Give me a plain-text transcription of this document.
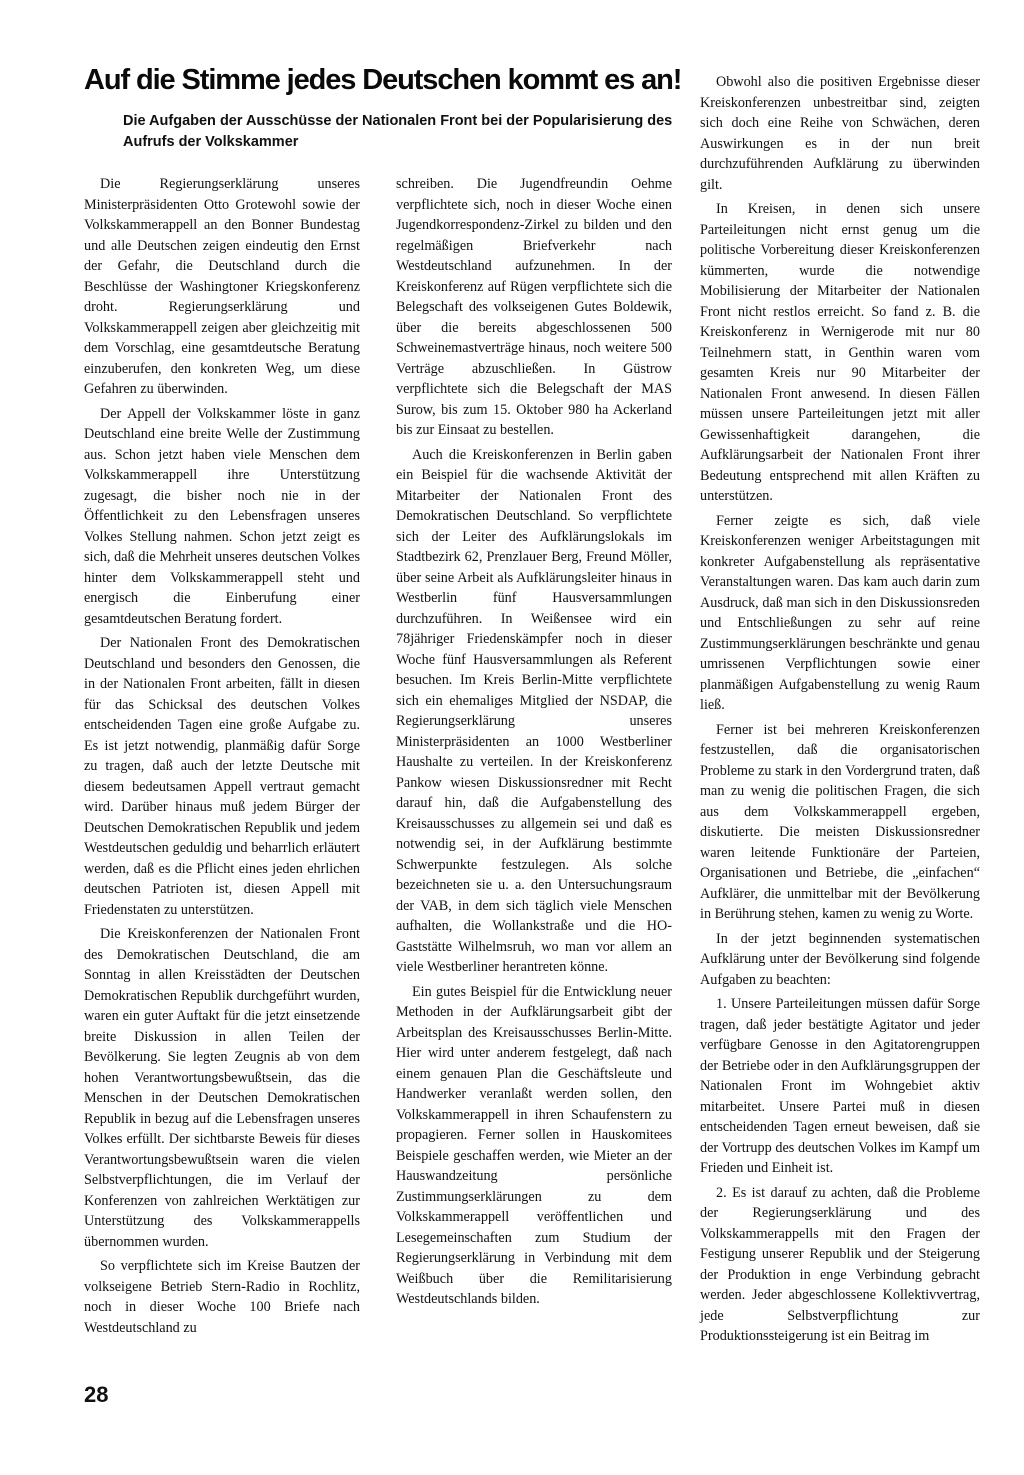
Auf die Stimme jedes Deutschen kommt es an!
Die Aufgaben der Ausschüsse der Nationalen Front bei der Popularisierung des Aufrufs der Volkskammer

Die Regierungserklärung unseres Ministerpräsidenten Otto Grotewohl sowie der Volkskammerappell an den Bonner Bundestag und alle Deutschen zeigen eindeutig den Ernst der Gefahr, die Deutschland durch die Beschlüsse der Washingtoner Kriegskonferenz droht. Regierungserklärung und Volkskammerappell zeigen aber gleichzeitig mit dem Vorschlag, eine gesamtdeutsche Beratung einzuberufen, den konkreten Weg, um diese Gefahren zu überwinden.

Der Appell der Volkskammer löste in ganz Deutschland eine breite Welle der Zustimmung aus. Schon jetzt haben viele Menschen dem Volkskammerappell ihre Unterstützung zugesagt, die bisher noch nie in der Öffentlichkeit zu den Lebensfragen unseres Volkes Stellung nahmen. Schon jetzt zeigt es sich, daß die Mehrheit unseres deutschen Volkes hinter dem Volkskammerappell steht und energisch die Einberufung einer gesamtdeutschen Beratung fordert.

Der Nationalen Front des Demokratischen Deutschland und besonders den Genossen, die in der Nationalen Front arbeiten, fällt in diesen für das Schicksal des deutschen Volkes entscheidenden Tagen eine große Aufgabe zu. Es ist jetzt notwendig, planmäßig dafür Sorge zu tragen, daß auch der letzte Deutsche mit diesem bedeutsamen Appell vertraut gemacht wird. Darüber hinaus muß jedem Bürger der Deutschen Demokratischen Republik und jedem Westdeutschen geduldig und beharrlich erläutert werden, daß es die Pflicht eines jeden ehrlichen deutschen Patrioten ist, diesen Appell mit Friedenstaten zu unterstützen.

Die Kreiskonferenzen der Nationalen Front des Demokratischen Deutschland, die am Sonntag in allen Kreisstädten der Deutschen Demokratischen Republik durchgeführt wurden, waren ein guter Auftakt für die jetzt einsetzende breite Diskussion in allen Teilen der Bevölkerung. Sie legten Zeugnis ab von dem hohen Verantwortungsbewußtsein, das die Menschen in der Deutschen Demokratischen Republik in bezug auf die Lebensfragen unseres Volkes erfüllt. Der sichtbarste Beweis für dieses Verantwortungsbewußtsein waren die vielen Selbstverpflichtungen, die im Verlauf der Konferenzen von zahlreichen Werktätigen zur Unterstützung des Volkskammerappells übernommen wurden.

So verpflichtete sich im Kreise Bautzen der volkseigene Betrieb Stern-Radio in Rochlitz, noch in dieser Woche 100 Briefe nach Westdeutschland zu

schreiben. Die Jugendfreundin Oehme verpflichtete sich, noch in dieser Woche einen Jugendkorrespondenz-Zirkel zu bilden und den regelmäßigen Briefverkehr nach Westdeutschland aufzunehmen. In der Kreiskonferenz auf Rügen verpflichtete sich die Belegschaft des volkseigenen Gutes Boldewik, über die bereits abgeschlossenen 500 Schweinemastverträge hinaus, noch weitere 500 Verträge abzuschließen. In Güstrow verpflichtete sich die Belegschaft der MAS Surow, bis zum 15. Oktober 980 ha Ackerland bis zur Einsaat zu bestellen.

Auch die Kreiskonferenzen in Berlin gaben ein Beispiel für die wachsende Aktivität der Mitarbeiter der Nationalen Front des Demokratischen Deutschland. So verpflichtete sich der Leiter des Aufklärungslokals im Stadtbezirk 62, Prenzlauer Berg, Freund Möller, über seine Arbeit als Aufklärungsleiter hinaus in Westberlin fünf Hausversammlungen durchzuführen. In Weißensee wird ein 78jähriger Friedenskämpfer noch in dieser Woche fünf Hausversammlungen als Referent besuchen. Im Kreis Berlin-Mitte verpflichtete sich ein ehemaliges Mitglied der NSDAP, die Regierungserklärung unseres Ministerpräsidenten an 1000 Westberliner Haushalte zu verteilen. In der Kreiskonferenz Pankow wiesen Diskussionsredner mit Recht darauf hin, daß die Aufgabenstellung des Kreisausschusses zu allgemein sei und daß es notwendig sei, in der Aufklärung bestimmte Schwerpunkte festzulegen. Als solche bezeichneten sie u. a. den Untersuchungsraum der VAB, in dem sich täglich viele Menschen aufhalten, die Wollankstraße und die HO-Gaststätte Wilhelmsruh, wo man vor allem an viele Westberliner herantreten könne.

Ein gutes Beispiel für die Entwicklung neuer Methoden in der Aufklärungsarbeit gibt der Arbeitsplan des Kreisausschusses Berlin-Mitte. Hier wird unter anderem festgelegt, daß nach einem genauen Plan die Geschäftsleute und Handwerker veranlaßt werden sollen, den Volkskammerappell in ihren Schaufenstern zu propagieren. Ferner sollen in Hauskomitees Beispiele geschaffen werden, wie Mieter an der Hauswandzeitung persönliche Zustimmungserklärungen zu dem Volkskammerappell veröffentlichen und Lesegemeinschaften zum Studium der Regierungserklärung in Verbindung mit dem Weißbuch über die Remilitarisierung Westdeutschlands bilden.

Obwohl also die positiven Ergebnisse dieser Kreiskonferenzen unbestreitbar sind, zeigten sich doch eine Reihe von Schwächen, deren Auswirkungen es in der nun breit durchzuführenden Aufklärung zu überwinden gilt.

In Kreisen, in denen sich unsere Parteileitungen nicht ernst genug um die politische Vorbereitung dieser Kreiskonferenzen kümmerten, wurde die notwendige Mobilisierung der Mitarbeiter der Nationalen Front nicht restlos erreicht. So fand z. B. die Kreiskonferenz in Wernigerode mit nur 80 Teilnehmern statt, in Genthin waren vom gesamten Kreis nur 90 Mitarbeiter der Nationalen Front anwesend. In diesen Fällen müssen unsere Parteileitungen jetzt mit aller Gewissenhaftigkeit darangehen, die Aufklärungsarbeit der Nationalen Front ihrer Bedeutung entsprechend mit allen Kräften zu unterstützen.

Ferner zeigte es sich, daß viele Kreiskonferenzen weniger Arbeitstagungen mit konkreter Aufgabenstellung als repräsentative Veranstaltungen waren. Das kam auch darin zum Ausdruck, daß man sich in den Diskussionsreden und Entschließungen zu sehr auf reine Zustimmungserklärungen beschränkte und genau umrissenen Verpflichtungen sowie einer planmäßigen Aufgabenstellung zu wenig Raum ließ.

Ferner ist bei mehreren Kreiskonferenzen festzustellen, daß die organisatorischen Probleme zu stark in den Vordergrund traten, daß man zu wenig die politischen Fragen, die sich aus dem Volkskammerappell ergeben, diskutierte. Die meisten Diskussionsredner waren leitende Funktionäre der Parteien, Organisationen und Betriebe, die „einfachen“ Aufklärer, die unmittelbar mit der Bevölkerung in Berührung stehen, kamen zu wenig zu Worte.

In der jetzt beginnenden systematischen Aufklärung unter der Bevölkerung sind folgende Aufgaben zu beachten:

1. Unsere Parteileitungen müssen dafür Sorge tragen, daß jeder bestätigte Agitator und jeder verfügbare Genosse in den Agitatorengruppen der Betriebe oder in den Aufklärungsgruppen der Nationalen Front im Wohngebiet aktiv mitarbeitet. Unsere Partei muß in diesen entscheidenden Tagen erneut beweisen, daß sie der Vortrupp des deutschen Volkes im Kampf um Frieden und Einheit ist.

2. Es ist darauf zu achten, daß die Probleme der Regierungserklärung und des Volkskammerappells mit den Fragen der Festigung unserer Republik und der Steigerung der Produktion in enge Verbindung gebracht werden. Jeder abgeschlossene Kollektivvertrag, jede Selbstverpflichtung zur Produktionssteigerung ist ein Beitrag im

28
